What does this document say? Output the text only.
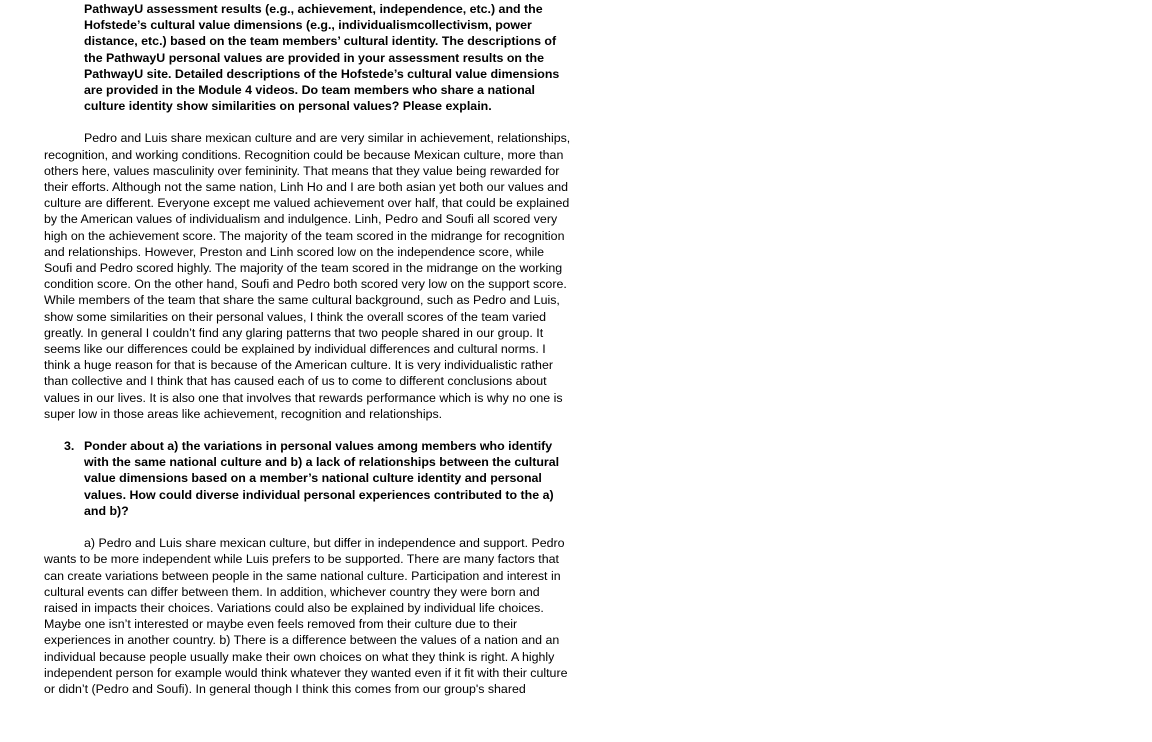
PathwayU assessment results (e.g., achievement, independence, etc.) and the Hofstede’s cultural value dimensions (e.g., individualismcollectivism, power distance, etc.) based on the team members’ cultural identity. The descriptions of the PathwayU personal values are provided in your assessment results on the PathwayU site. Detailed descriptions of the Hofstede’s cultural value dimensions are provided in the Module 4 videos. Do team members who share a national culture identity show similarities on personal values? Please explain.

Pedro and Luis share mexican culture and are very similar in achievement, relationships, recognition, and working conditions. Recognition could be because Mexican culture, more than others here, values masculinity over femininity. That means that they value being rewarded for their efforts. Although not the same nation, Linh Ho and I are both asian yet both our values and culture are different. Everyone except me valued achievement over half, that could be explained by the American values of individualism and indulgence. Linh, Pedro and Soufi all scored very high on the achievement score. The majority of the team scored in the midrange for recognition and relationships. However, Preston and Linh scored low on the independence score, while Soufi and Pedro scored highly. The majority of the team scored in the midrange on the working condition score. On the other hand, Soufi and Pedro both scored very low on the support score. While members of the team that share the same cultural background, such as Pedro and Luis, show some similarities on their personal values, I think the overall scores of the team varied greatly. In general I couldn’t find any glaring patterns that two people shared in our group. It seems like our differences could be explained by individual differences and cultural norms. I think a huge reason for that is because of the American culture. It is very individualistic rather than collective and I think that has caused each of us to come to different conclusions about values in our lives. It is also one that involves that rewards performance which is why no one is super low in those areas like achievement, recognition and relationships.

3. Ponder about a) the variations in personal values among members who identify with the same national culture and b) a lack of relationships between the cultural value dimensions based on a member’s national culture identity and personal values. How could diverse individual personal experiences contributed to the a) and b)?

a) Pedro and Luis share mexican culture, but differ in independence and support. Pedro wants to be more independent while Luis prefers to be supported. There are many factors that can create variations between people in the same national culture. Participation and interest in cultural events can differ between them. In addition, whichever country they were born and raised in impacts their choices. Variations could also be explained by individual life choices. Maybe one isn’t interested or maybe even feels removed from their culture due to their experiences in another country. b) There is a difference between the values of a nation and an individual because people usually make their own choices on what they think is right. A highly independent person for example would think whatever they wanted even if it fit with their culture or didn’t (Pedro and Soufi). In general though I think this comes from our group's shared
